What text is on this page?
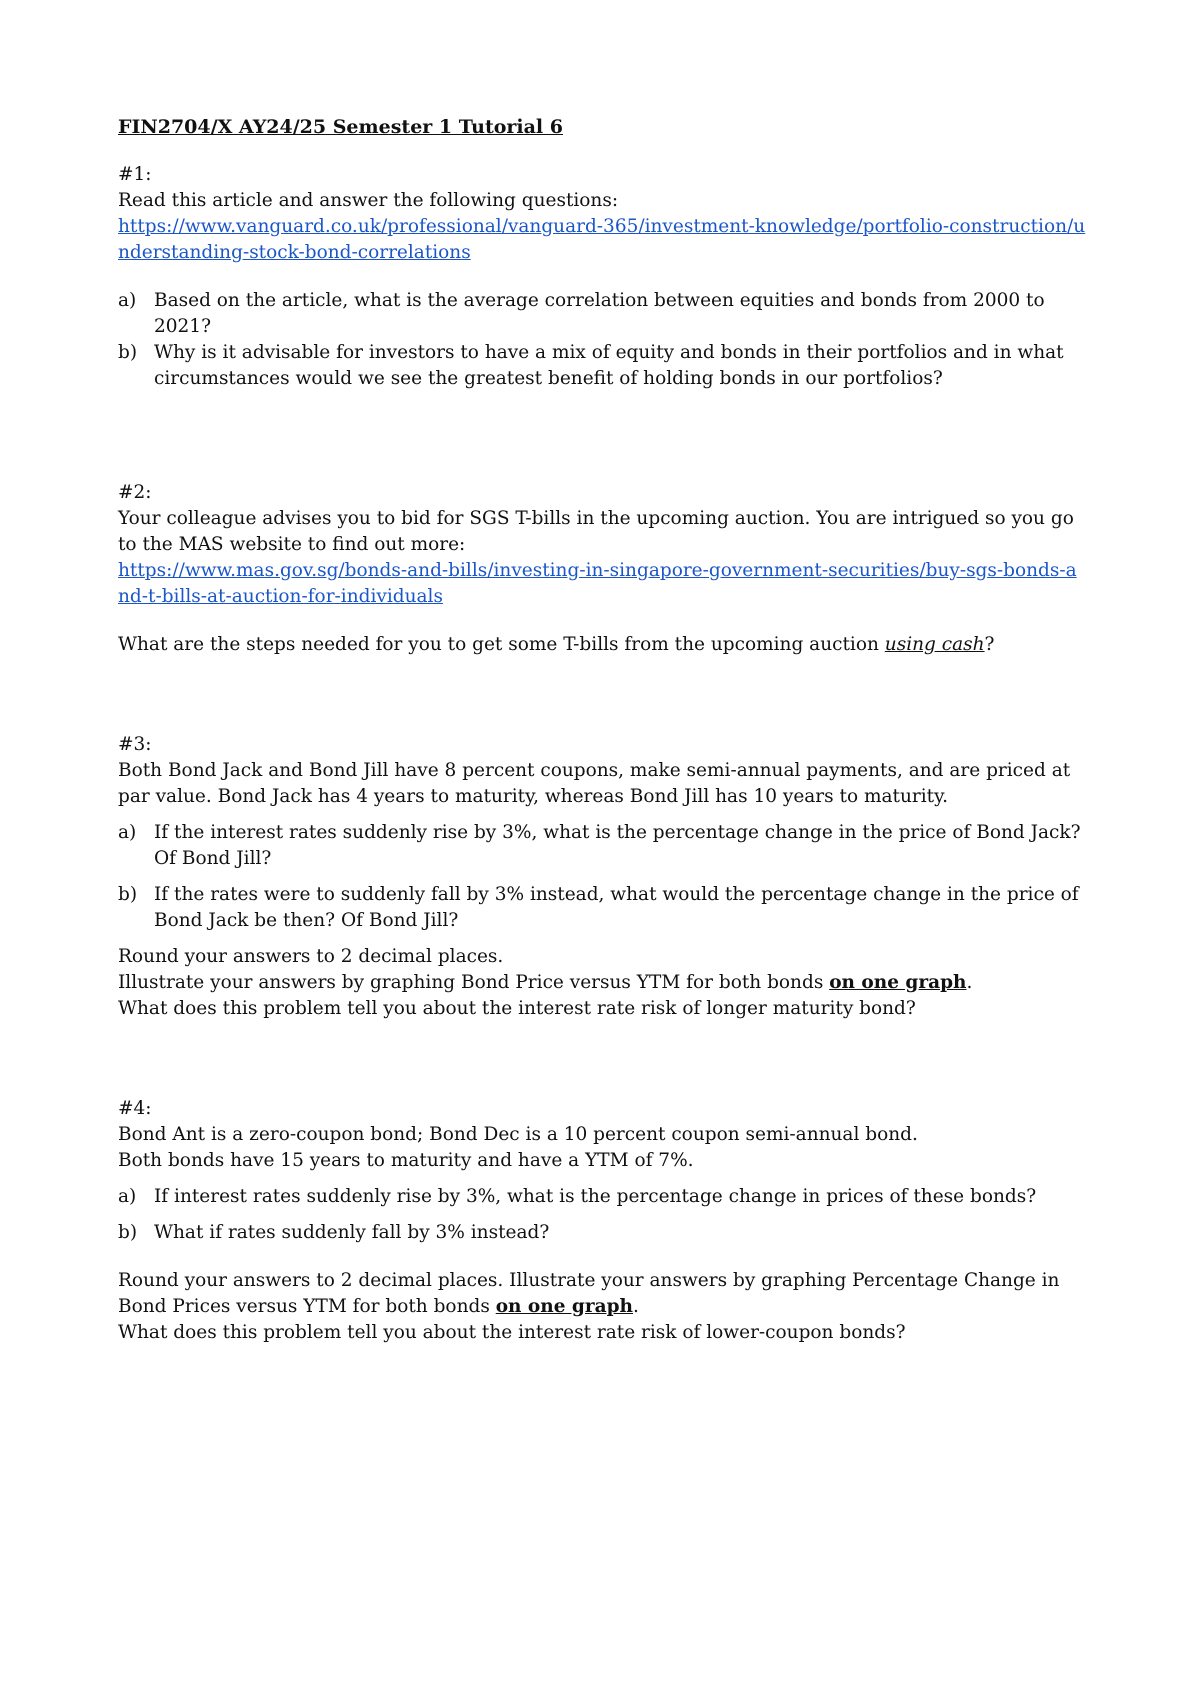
FIN2704/X AY24/25 Semester 1 Tutorial 6
#1:
Read this article and answer the following questions:
https://www.vanguard.co.uk/professional/vanguard-365/investment-knowledge/portfolio-construction/understanding-stock-bond-correlations
a) Based on the article, what is the average correlation between equities and bonds from 2000 to 2021?
b) Why is it advisable for investors to have a mix of equity and bonds in their portfolios and in what circumstances would we see the greatest benefit of holding bonds in our portfolios?
#2:
Your colleague advises you to bid for SGS T-bills in the upcoming auction. You are intrigued so you go to the MAS website to find out more:
https://www.mas.gov.sg/bonds-and-bills/investing-in-singapore-government-securities/buy-sgs-bonds-and-t-bills-at-auction-for-individuals
What are the steps needed for you to get some T-bills from the upcoming auction using cash?
#3:
Both Bond Jack and Bond Jill have 8 percent coupons, make semi-annual payments, and are priced at par value. Bond Jack has 4 years to maturity, whereas Bond Jill has 10 years to maturity.
a) If the interest rates suddenly rise by 3%, what is the percentage change in the price of Bond Jack? Of Bond Jill?
b) If the rates were to suddenly fall by 3% instead, what would the percentage change in the price of Bond Jack be then? Of Bond Jill?
Round your answers to 2 decimal places.
Illustrate your answers by graphing Bond Price versus YTM for both bonds on one graph.
What does this problem tell you about the interest rate risk of longer maturity bond?
#4:
Bond Ant is a zero-coupon bond; Bond Dec is a 10 percent coupon semi-annual bond.
Both bonds have 15 years to maturity and have a YTM of 7%.
a) If interest rates suddenly rise by 3%, what is the percentage change in prices of these bonds?
b) What if rates suddenly fall by 3% instead?
Round your answers to 2 decimal places. Illustrate your answers by graphing Percentage Change in Bond Prices versus YTM for both bonds on one graph.
What does this problem tell you about the interest rate risk of lower-coupon bonds?
